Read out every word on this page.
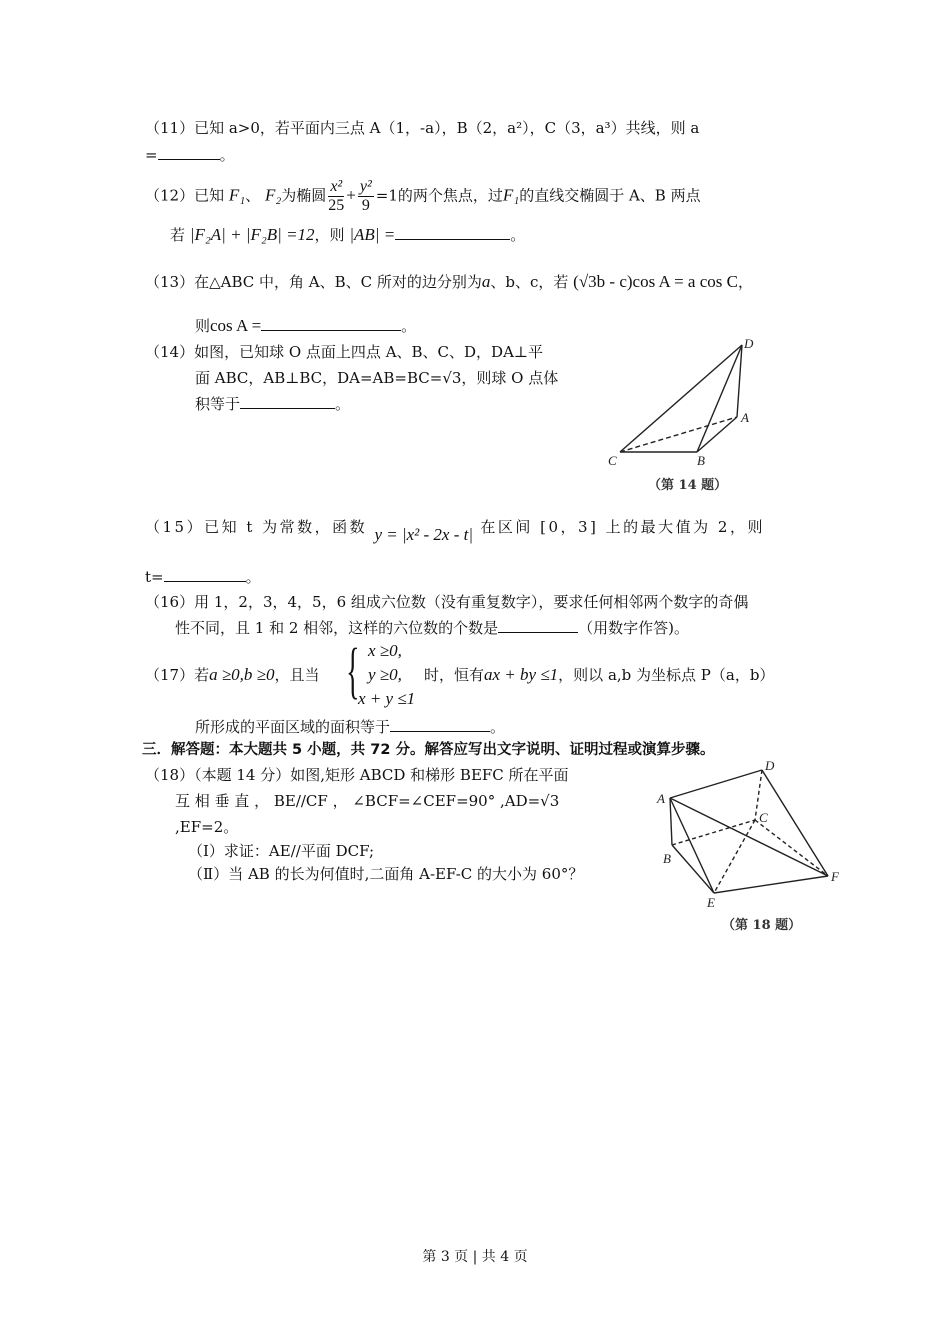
（11）已知 a>0，若平面内三点 A（1，-a），B（2，a²），C（3，a³）共线，则 a
=	。
（12）已知 F₁、 F₂为椭圆 $\frac{\text{x²}}{25} + \frac{\text{y²}}{9} =1$的两个焦点，过F₁的直线交椭圆于 A、B 两点
若 |F₂A| + |F₂B| =12，则 |AB| =	。
（13）在△ABC 中，角 A、B、C 所对的边分别为a、b、c，若 (√3b - c)cos A = a cos C，
则cos A =	。
（14）如图，已知球 O 点面上四点 A、B、C、D，DA⊥平
面 ABC，AB⊥BC，DA=AB=BC=√3，则球 O 点体
积等于	。
D
A
C	B
（第 14 题）
（15）已知 t 为常数，函数 y = |x² - 2x - t| 在区间 [0，3] 上的最大值为 2，则
t=	。
（16）用 1，2，3，4，5，6 组成六位数（没有重复数字），要求任何相邻两个数字的奇偶
性不同，且 1 和 2 相邻，这样的六位数的个数是	（用数字作答)。
（17）若a ≥0,b ≥0，且当 { x ≥0,
y ≥0,
x + y ≤1
时，恒有ax + by ≤1，则以 a,b 为坐标点 P（a，b）
所形成的平面区域的面积等于	。
三．解答题：本大题共 5 小题，共 72 分。解答应写出文字说明、证明过程或演算步骤。
（18）（本题 14 分）如图,矩形 ABCD 和梯形 BEFC 所在平面
互 相 垂 直 ， BE//CF ， ∠BCF=∠CEF=90° ,AD=√3
,EF=2。
（Ⅰ）求证：AE//平面 DCF;
（Ⅱ）当 AB 的长为何值时,二面角 A-EF-C 的大小为 60°？
A
D
C
B
E
F
（第 18 题）
第 3 页 | 共 4 页
